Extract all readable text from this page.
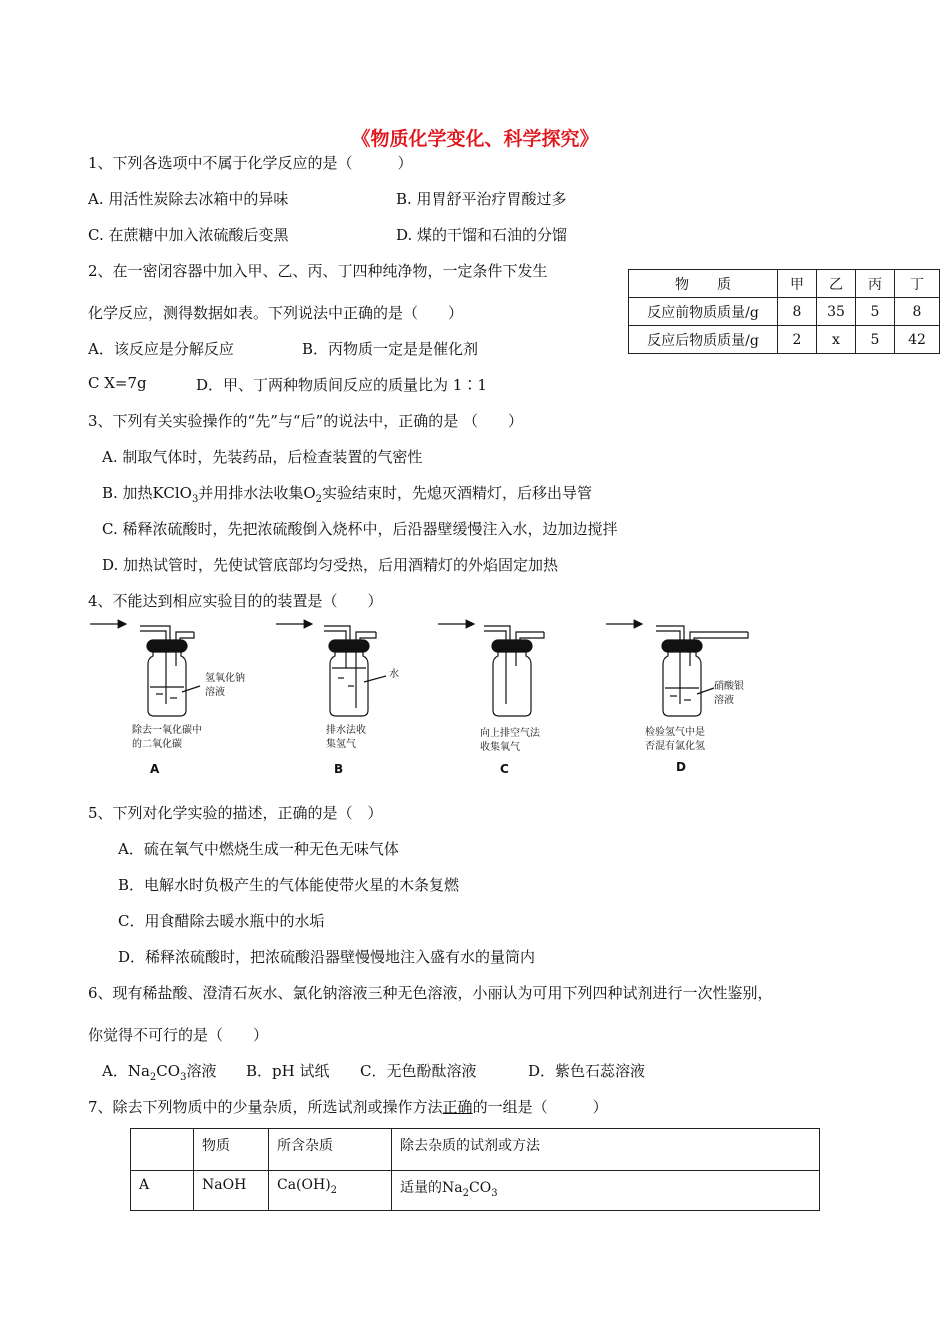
《物质化学变化、科学探究》
1、下列各选项中不属于化学反应的是（　　　）
A. 用活性炭除去冰箱中的异味	B. 用胃舒平治疗胃酸过多
C. 在蔗糖中加入浓硫酸后变黑	D. 煤的干馏和石油的分馏
2、在一密闭容器中加入甲、乙、丙、丁四种纯净物，一定条件下发生
化学反应，测得数据如表。下列说法中正确的是（　　）
A．该反应是分解反应	B．丙物质一定是是催化剂
C X=7g	D．甲、丁两种物质间反应的质量比为 1∶1
物　　质	甲	乙	丙	丁
反应前物质质量/g	8	35	5	8
反应后物质质量/g	2	x	5	42
3、下列有关实验操作的“先”与“后”的说法中，正确的是 （　　）
A. 制取气体时，先装药品，后检查装置的气密性
B. 加热KClO$_3$并用排水法收集$O_2$实验结束时，先熄灭酒精灯，后移出导管
C. 稀释浓硫酸时，先把浓硫酸倒入烧杯中，后沿器壁缓慢注入水，边加边搅拌
D. 加热试管时，先使试管底部均匀受热，后用酒精灯的外焰固定加热
4、不能达到相应实验目的的装置是（　　）
氢氧化钠
溶液
除去一氧化碳中
的二氧化碳
A
水
排水法收
集氢气
B
向上排空气法
收集氧气
C
硝酸银
溶液
检验氢气中是
否混有氯化氢
D
5、下列对化学实验的描述，正确的是（　）
A．硫在氧气中燃烧生成一种无色无味气体
B．电解水时负极产生的气体能使带火星的木条复燃
C．用食醋除去暖水瓶中的水垢
D．稀释浓硫酸时，把浓硫酸沿器壁慢慢地注入盛有水的量筒内
6、现有稀盐酸、澄清石灰水、氯化钠溶液三种无色溶液，小丽认为可用下列四种试剂进行一次性鉴别，
你觉得不可行的是（　　）
A．$Na_2CO_3$溶液 B．pH 试纸 C．无色酚酞溶液	D．紫色石蕊溶液
7、除去下列物质中的少量杂质，所选试剂或操作方法正确的一组是（　　　）
	物质	所含杂质	除去杂质的试剂或方法
A	NaOH	$Ca(OH)_2$	适量的$Na_2CO_3$
